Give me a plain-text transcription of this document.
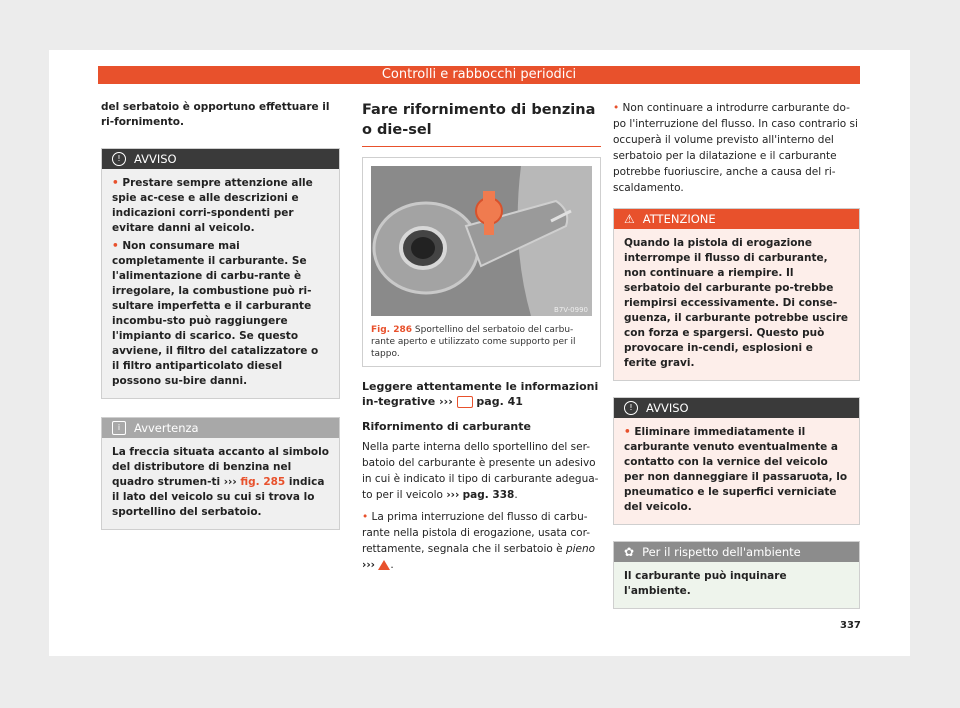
Controlli e rabbocchi periodici
del serbatoio è opportuno effettuare il ri-fornimento.
!	AVVISO
• Prestare sempre attenzione alle spie ac-cese e alle descrizioni e indicazioni corri-spondenti per evitare danni al veicolo.
• Non consumare mai completamente il carburante. Se l'alimentazione di carbu-rante è irregolare, la combustione può ri-sultare imperfetta e il carburante incombu-sto può raggiungere l'impianto di scarico. Se questo avviene, il filtro del catalizzatore o il filtro antiparticolato diesel possono su-bire danni.
i	Avvertenza
La freccia situata accanto al simbolo del distributore di benzina nel quadro strumen-ti ››› fig. 285 indica il lato del veicolo su cui si trova lo sportellino del serbatoio.
Fare rifornimento di benzina o die-sel
B7V-0990
Fig. 286 Sportellino del serbatoio del carbu-rante aperto e utilizzato come supporto per il tappo.
Leggere attentamente le informazioni in-tegrative ››› pag. 41
Rifornimento di carburante

Nella parte interna dello sportellino del ser-batoio del carburante è presente un adesivo in cui è indicato il tipo di carburante adegua-to per il veicolo ››› pag. 338.

• La prima interruzione del flusso di carbu-rante nella pistola di erogazione, usata cor-rettamente, segnala che il serbatoio è pieno ››› .

• Non continuare a introdurre carburante do-po l'interruzione del flusso. In caso contrario si occuperà il volume previsto all'interno del serbatoio per la dilatazione e il carburante potrebbe fuoriuscire, anche a causa del ri-scaldamento.

⚠ ATTENZIONE
Quando la pistola di erogazione interrompe il flusso di carburante, non continuare a riempire. Il serbatoio del carburante po-trebbe riempirsi eccessivamente. Di conse-guenza, il carburante potrebbe uscire con forza e spargersi. Questo può provocare in-cendi, esplosioni e ferite gravi.
!	AVVISO
• Eliminare immediatamente il carburante venuto eventualmente a contatto con la vernice del veicolo per non danneggiare il passaruota, lo pneumatico e le superfici verniciate del veicolo.
✿ Per il rispetto dell'ambiente
Il carburante può inquinare l'ambiente.
337
